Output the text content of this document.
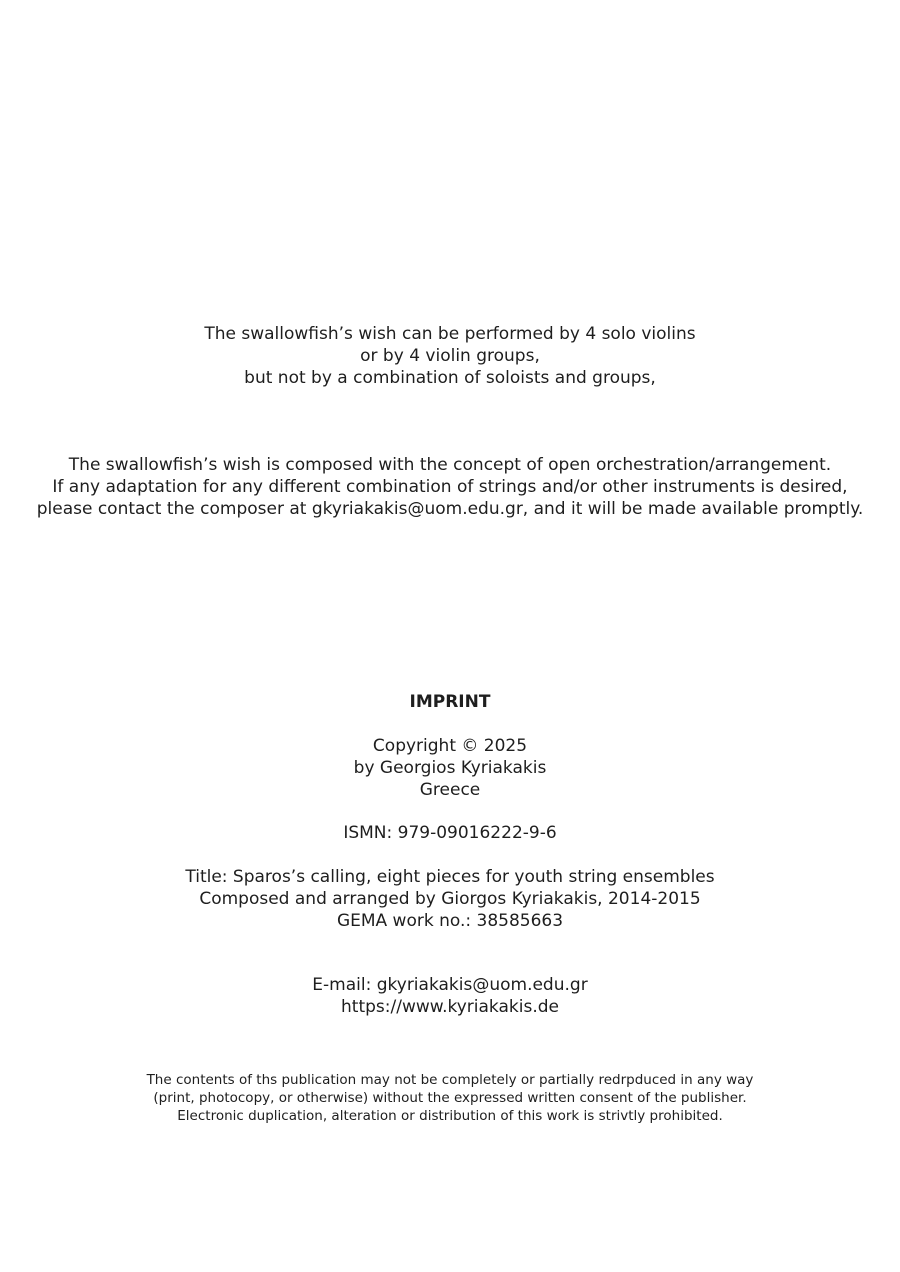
The swallowfish’s wish can be performed by 4 solo violins
or by 4 violin groups,
but not by a combination of soloists and groups,
The swallowfish’s wish is composed with the concept of open orchestration/arrangement.
If any adaptation for any different combination of strings and/or other instruments is desired,
please contact the composer at gkyriakakis@uom.edu.gr, and it will be made available promptly.
IMPRINT
Copyright © 2025
by Georgios Kyriakakis
Greece
ISMN: 979-09016222-9-6
Title: Sparos’s calling, eight pieces for youth string ensembles
Composed and arranged by Giorgos Kyriakakis, 2014-2015
GEMA work no.: 38585663
E-mail: gkyriakakis@uom.edu.gr
https://www.kyriakakis.de
The contents of ths publication may not be completely or partially redrpduced in any way
(print, photocopy, or otherwise) without the expressed written consent of the publisher.
Electronic duplication, alteration or distribution of this work is strivtly prohibited.
